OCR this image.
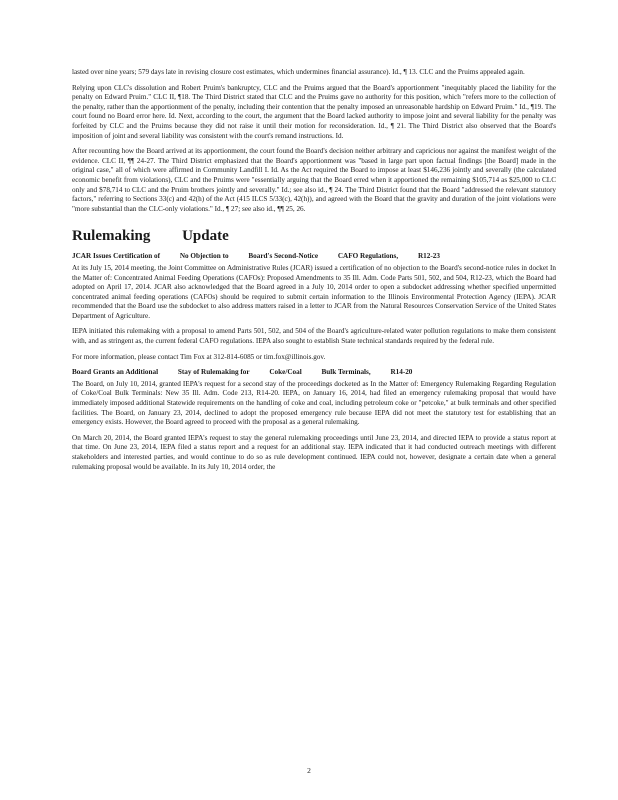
lasted over nine years; 579 days late in revising closure cost estimates, which undermines financial assurance). Id., ¶ 13. CLC and the Pruims appealed again.

Relying upon CLC's dissolution and Robert Pruim's bankruptcy, CLC and the Pruims argued that the Board's apportionment "inequitably placed the liability for the penalty on Edward Pruim." CLC II, ¶18. The Third District stated that CLC and the Pruims gave no authority for this position, which "refers more to the collection of the penalty, rather than the apportionment of the penalty, including their contention that the penalty imposed an unreasonable hardship on Edward Pruim." Id., ¶19. The court found no Board error here. Id. Next, according to the court, the argument that the Board lacked authority to impose joint and several liability for the penalty was forfeited by CLC and the Pruims because they did not raise it until their motion for reconsideration. Id., ¶ 21. The Third District also observed that the Board's imposition of joint and several liability was consistent with the court's remand instructions. Id.

After recounting how the Board arrived at its apportionment, the court found the Board's decision neither arbitrary and capricious nor against the manifest weight of the evidence. CLC II, ¶¶ 24-27. The Third District emphasized that the Board's apportionment was "based in large part upon factual findings [the Board] made in the original case," all of which were affirmed in Community Landfill I. Id. As the Act required the Board to impose at least $146,236 jointly and severally (the calculated economic benefit from violations), CLC and the Pruims were "essentially arguing that the Board erred when it apportioned the remaining $105,714 as $25,000 to CLC only and $78,714 to CLC and the Pruim brothers jointly and severally." Id.; see also id., ¶ 24. The Third District found that the Board "addressed the relevant statutory factors," referring to Sections 33(c) and 42(h) of the Act (415 ILCS 5/33(c), 42(h)), and agreed with the Board that the gravity and duration of the joint violations were "more substantial than the CLC-only violations." Id., ¶ 27; see also id., ¶¶ 25, 26.

Rulemaking Update
JCAR Issues Certification of	No Objection to	Board's Second-Notice	CAFO Regulations,	R12-23

At its July 15, 2014 meeting, the Joint Committee on Administrative Rules (JCAR) issued a certification of no objection to the Board's second-notice rules in docket In the Matter of: Concentrated Animal Feeding Operations (CAFOs): Proposed Amendments to 35 Ill. Adm. Code Parts 501, 502, and 504, R12-23, which the Board had adopted on April 17, 2014. JCAR also acknowledged that the Board agreed in a July 10, 2014 order to open a subdocket addressing whether specified unpermitted concentrated animal feeding operations (CAFOs) should be required to submit certain information to the Illinois Environmental Protection Agency (IEPA). JCAR recommended that the Board use the subdocket to also address matters raised in a letter to JCAR from the Natural Resources Conservation Service of the United States Department of Agriculture.

IEPA initiated this rulemaking with a proposal to amend Parts 501, 502, and 504 of the Board's agriculture-related water pollution regulations to make them consistent with, and as stringent as, the current federal CAFO regulations. IEPA also sought to establish State technical standards required by the federal rule.

For more information, please contact Tim Fox at 312-814-6085 or tim.fox@illinois.gov.

Board Grants an Additional	Stay of Rulemaking for	Coke/Coal	Bulk Terminals,	R14-20

The Board, on July 10, 2014, granted IEPA's request for a second stay of the proceedings docketed as In the Matter of: Emergency Rulemaking Regarding Regulation of Coke/Coal Bulk Terminals: New 35 Ill. Adm. Code 213, R14-20. IEPA, on January 16, 2014, had filed an emergency rulemaking proposal that would have immediately imposed additional Statewide requirements on the handling of coke and coal, including petroleum coke or "petcoke," at bulk terminals and other specified facilities. The Board, on January 23, 2014, declined to adopt the proposed emergency rule because IEPA did not meet the statutory test for establishing that an emergency exists. However, the Board agreed to proceed with the proposal as a general rulemaking.

On March 20, 2014, the Board granted IEPA's request to stay the general rulemaking proceedings until June 23, 2014, and directed IEPA to provide a status report at that time. On June 23, 2014, IEPA filed a status report and a request for an additional stay. IEPA indicated that it had conducted outreach meetings with different stakeholders and interested parties, and would continue to do so as rule development continued. IEPA could not, however, designate a certain date when a general rulemaking proposal would be available. In its July 10, 2014 order, the

2
